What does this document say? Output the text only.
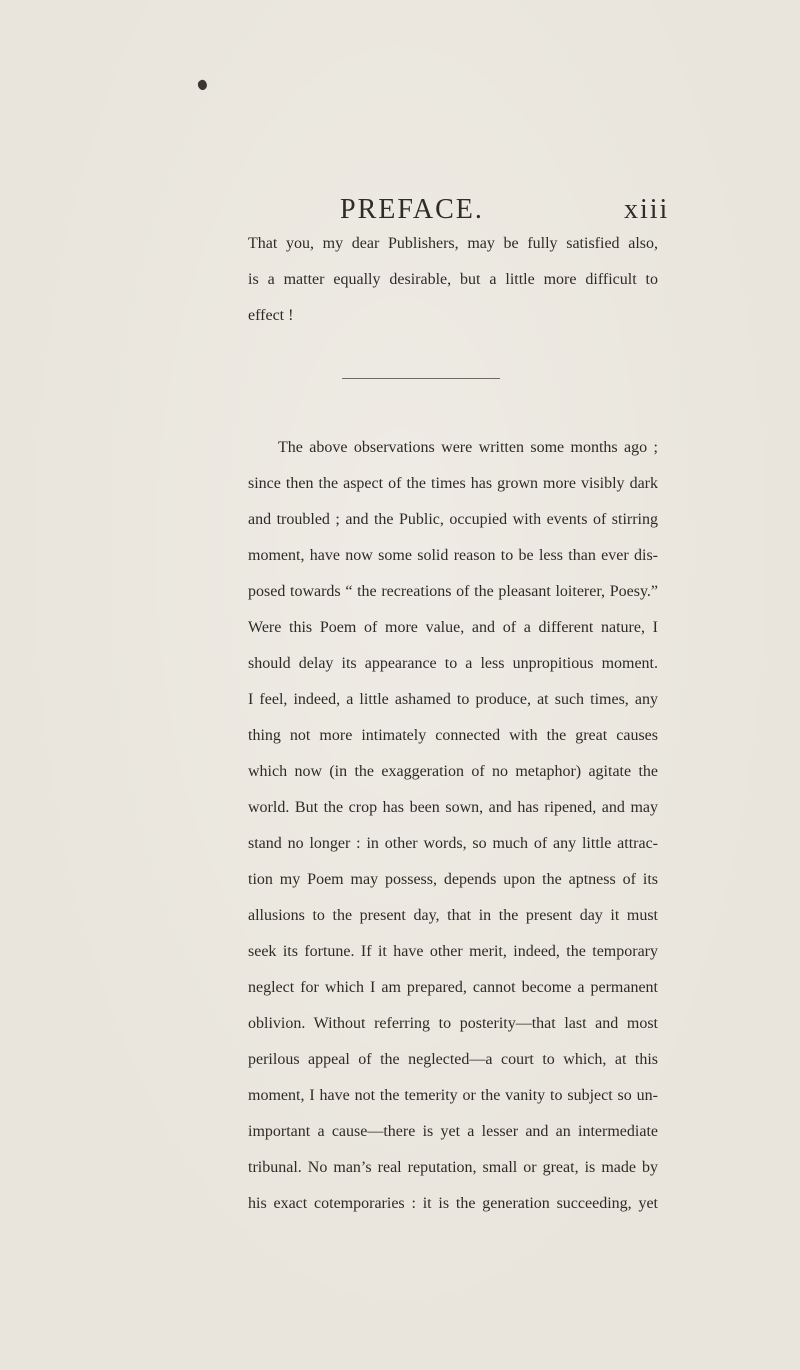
PREFACE.	xiii
That you, my dear Publishers, may be fully satisfied also,
is a matter equally desirable, but a little more difficult to
effect !
The above observations were written some months ago ;
since then the aspect of the times has grown more visibly dark
and troubled ; and the Public, occupied with events of stirring
moment, have now some solid reason to be less than ever dis-
posed towards “ the recreations of the pleasant loiterer, Poesy.”
Were this Poem of more value, and of a different nature, I
should delay its appearance to a less unpropitious moment.
I feel, indeed, a little ashamed to produce, at such times, any
thing not more intimately connected with the great causes
which now (in the exaggeration of no metaphor) agitate the
world. But the crop has been sown, and has ripened, and may
stand no longer : in other words, so much of any little attrac-
tion my Poem may possess, depends upon the aptness of its
allusions to the present day, that in the present day it must
seek its fortune. If it have other merit, indeed, the temporary
neglect for which I am prepared, cannot become a permanent
oblivion. Without referring to posterity—that last and most
perilous appeal of the neglected—a court to which, at this
moment, I have not the temerity or the vanity to subject so un-
important a cause—there is yet a lesser and an intermediate
tribunal. No man’s real reputation, small or great, is made by
his exact cotemporaries : it is the generation succeeding, yet
